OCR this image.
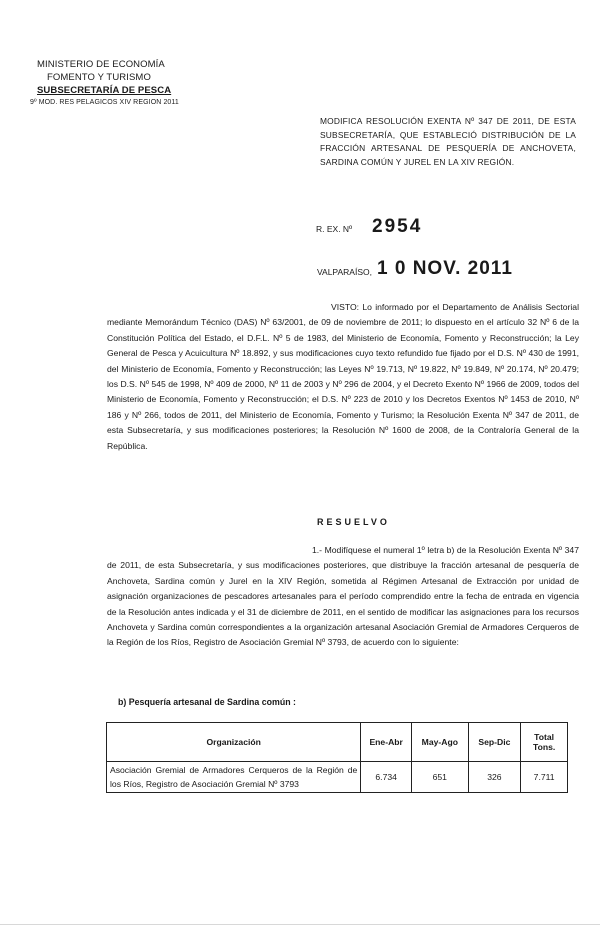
MINISTERIO DE ECONOMÍA
FOMENTO Y TURISMO
SUBSECRETARÍA DE PESCA
9º MOD. RES PELAGICOS XIV REGION 2011
MODIFICA RESOLUCIÓN EXENTA Nº 347 DE 2011, DE ESTA SUBSECRETARÍA, QUE ESTABLECIÓ DISTRIBUCIÓN DE LA FRACCIÓN ARTESANAL DE PESQUERÍA DE ANCHOVETA, SARDINA COMÚN Y JUREL EN LA XIV REGIÓN.
R. EX. Nº 2954
VALPARAÍSO, 1 0 NOV. 2011
VISTO: Lo informado por el Departamento de Análisis Sectorial mediante Memorándum Técnico (DAS) Nº 63/2001, de 09 de noviembre de 2011; lo dispuesto en el artículo 32 Nº 6 de la Constitución Política del Estado, el D.F.L. Nº 5 de 1983, del Ministerio de Economía, Fomento y Reconstrucción; la Ley General de Pesca y Acuicultura Nº 18.892, y sus modificaciones cuyo texto refundido fue fijado por el D.S. Nº 430 de 1991, del Ministerio de Economía, Fomento y Reconstrucción; las Leyes Nº 19.713, Nº 19.822, Nº 19.849, Nº 20.174, Nº 20.479; los D.S. Nº 545 de 1998, Nº 409 de 2000, Nº 11 de 2003 y Nº 296 de 2004, y el Decreto Exento Nº 1966 de 2009, todos del Ministerio de Economía, Fomento y Reconstrucción; el D.S. Nº 223 de 2010 y los Decretos Exentos Nº 1453 de 2010, Nº 186 y Nº 266, todos de 2011, del Ministerio de Economía, Fomento y Turismo; la Resolución Exenta Nº 347 de 2011, de esta Subsecretaría, y sus modificaciones posteriores; la Resolución Nº 1600 de 2008, de la Contraloría General de la República.
RESUELVO
1.- Modifíquese el numeral 1º letra b) de la Resolución Exenta Nº 347 de 2011, de esta Subsecretaría, y sus modificaciones posteriores, que distribuye la fracción artesanal de pesquería de Anchoveta, Sardina común y Jurel en la XIV Región, sometida al Régimen Artesanal de Extracción por unidad de asignación organizaciones de pescadores artesanales para el período comprendido entre la fecha de entrada en vigencia de la Resolución antes indicada y el 31 de diciembre de 2011, en el sentido de modificar las asignaciones para los recursos Anchoveta y Sardina común correspondientes a la organización artesanal Asociación Gremial de Armadores Cerqueros de la Región de los Ríos, Registro de Asociación Gremial Nº 3793, de acuerdo con lo siguiente:
b) Pesquería artesanal de Sardina común :
Organización	Ene-Abr	May-Ago	Sep-Dic	Total Tons.
Asociación Gremial de Armadores Cerqueros de la Región de los Ríos, Registro de Asociación Gremial Nº 3793	6.734	651	326	7.711
